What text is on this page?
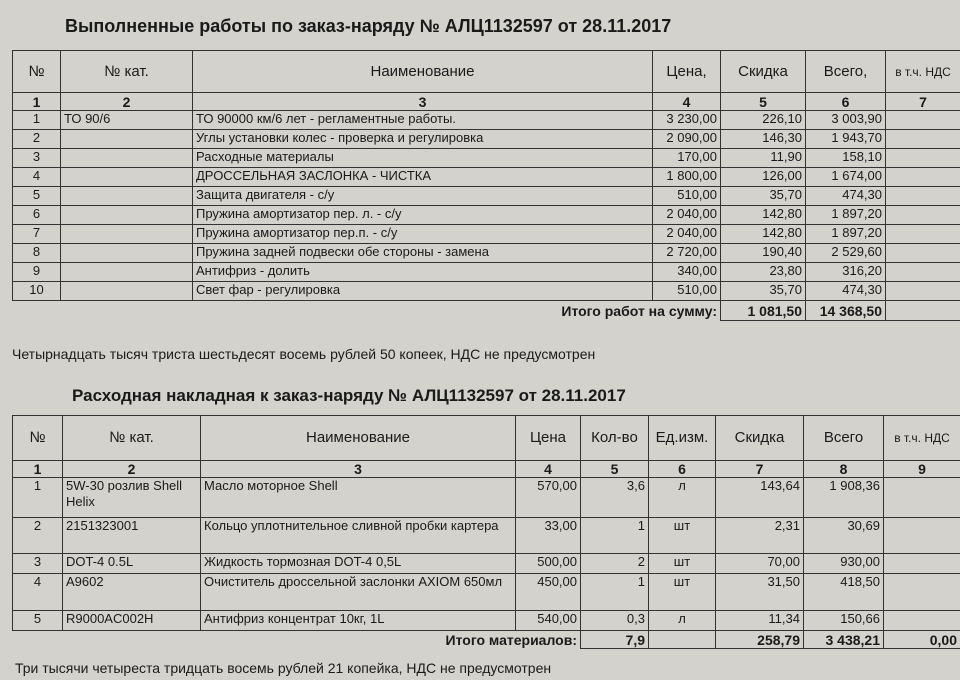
Выполненные работы по заказ-наряду № АЛЦ1132597 от 28.11.2017
№	№ кат.	Наименование	Цена,	Скидка	Всего,	в т.ч. НДС
1	2	3	4	5	6	7
1	ТО 90/6	ТО 90000 км/6 лет - регламентные работы.	3 230,00	226,10	3 003,90	
2		Углы установки колес - проверка и регулировка	2 090,00	146,30	1 943,70	
3		Расходные материалы	170,00	11,90	158,10	
4		ДРОССЕЛЬНАЯ ЗАСЛОНКА - ЧИСТКА	1 800,00	126,00	1 674,00	
5		Защита двигателя - с/у	510,00	35,70	474,30	
6		Пружина амортизатор пер. л. - с/у	2 040,00	142,80	1 897,20	
7		Пружина амортизатор пер.п. - с/у	2 040,00	142,80	1 897,20	
8		Пружина задней подвески обе стороны - замена	2 720,00	190,40	2 529,60	
9		Антифриз - долить	340,00	23,80	316,20	
10		Свет фар - регулировка	510,00	35,70	474,30	
Итого работ на сумму:				1 081,50	14 368,50	
Четырнадцать тысяч триста шестьдесят восемь рублей 50 копеек, НДС не предусмотрен
Расходная накладная к заказ-наряду № АЛЦ1132597 от 28.11.2017
№	№ кат.	Наименование	Цена	Кол-во	Ед.изм.	Скидка	Всего	в т.ч. НДС
1	2	3	4	5	6	7	8	9
1	5W-30 розлив Shell Helix	Масло моторное Shell	570,00	3,6	л	143,64	1 908,36	
2	2151323001	Кольцо уплотнительное сливной пробки картера	33,00	1	шт	2,31	30,69	
3	DOT-4 0.5L	Жидкость тормозная DOT-4 0,5L	500,00	2	шт	70,00	930,00	
4	A9602	Очиститель дроссельной заслонки AXIOM 650мл	450,00	1	шт	31,50	418,50	
5	R9000AC002H	Антифриз концентрат 10кг, 1L	540,00	0,3	л	11,34	150,66	
Итого материалов:				7,9		258,79	3 438,21	0,00
Три тысячи четыреста тридцать восемь рублей 21 копейка, НДС не предусмотрен
